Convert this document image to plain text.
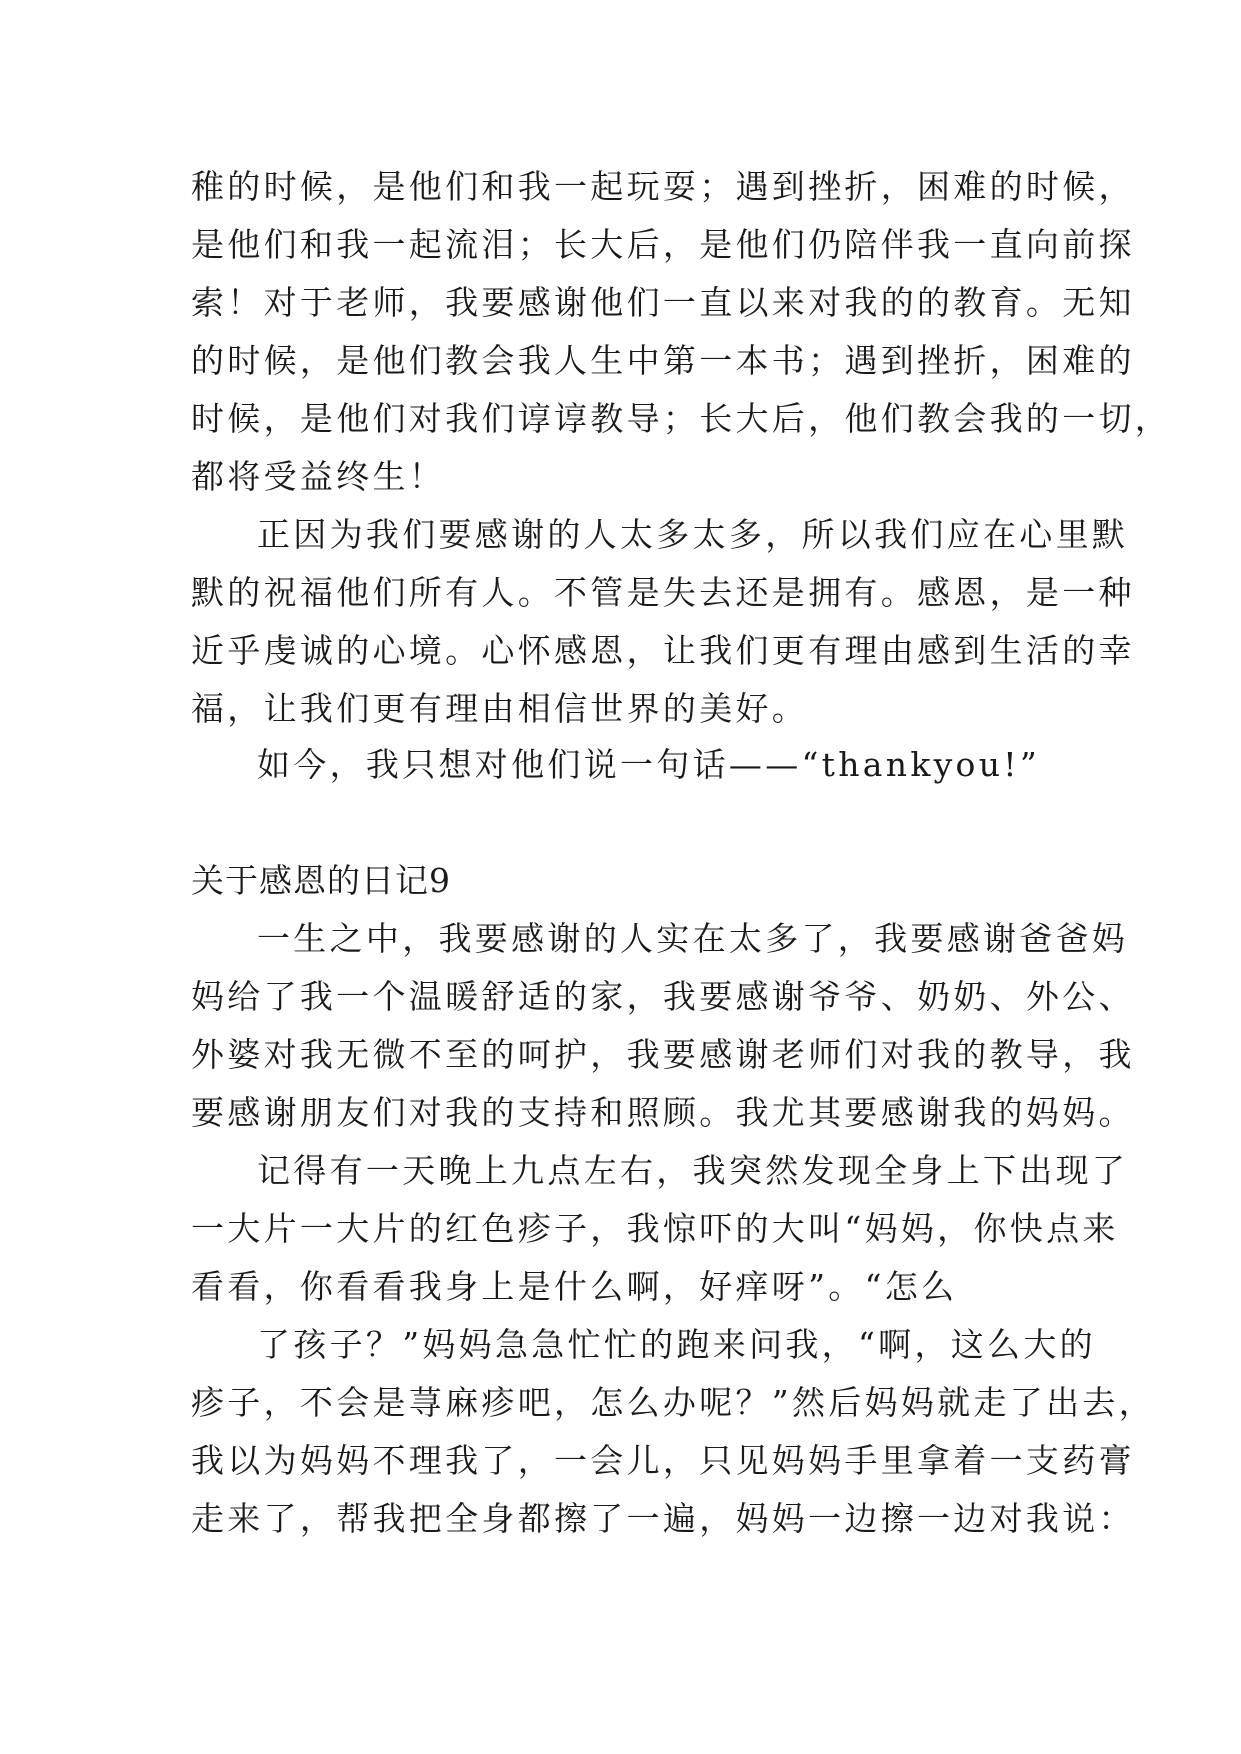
稚的时候，是他们和我一起玩耍；遇到挫折，困难的时候，
是他们和我一起流泪；长大后，是他们仍陪伴我一直向前探
索！对于老师，我要感谢他们一直以来对我的的教育。无知
的时候，是他们教会我人生中第一本书；遇到挫折，困难的
时候，是他们对我们谆谆教导；长大后，他们教会我的一切，
都将受益终生！
正因为我们要感谢的人太多太多，所以我们应在心里默
默的祝福他们所有人。不管是失去还是拥有。感恩，是一种
近乎虔诚的心境。心怀感恩，让我们更有理由感到生活的幸
福，让我们更有理由相信世界的美好。
如今，我只想对他们说一句话——“thankyou!”
关于感恩的日记9
一生之中，我要感谢的人实在太多了，我要感谢爸爸妈
妈给了我一个温暖舒适的家，我要感谢爷爷、奶奶、外公、
外婆对我无微不至的呵护，我要感谢老师们对我的教导，我
要感谢朋友们对我的支持和照顾。我尤其要感谢我的妈妈。
记得有一天晚上九点左右，我突然发现全身上下出现了
一大片一大片的红色疹子，我惊吓的大叫“妈妈，你快点来
看看，你看看我身上是什么啊，好痒呀”。“怎么
了孩子？”妈妈急急忙忙的跑来问我，“啊，这么大的
疹子，不会是荨麻疹吧，怎么办呢？”然后妈妈就走了出去，
我以为妈妈不理我了，一会儿，只见妈妈手里拿着一支药膏
走来了，帮我把全身都擦了一遍，妈妈一边擦一边对我说：
